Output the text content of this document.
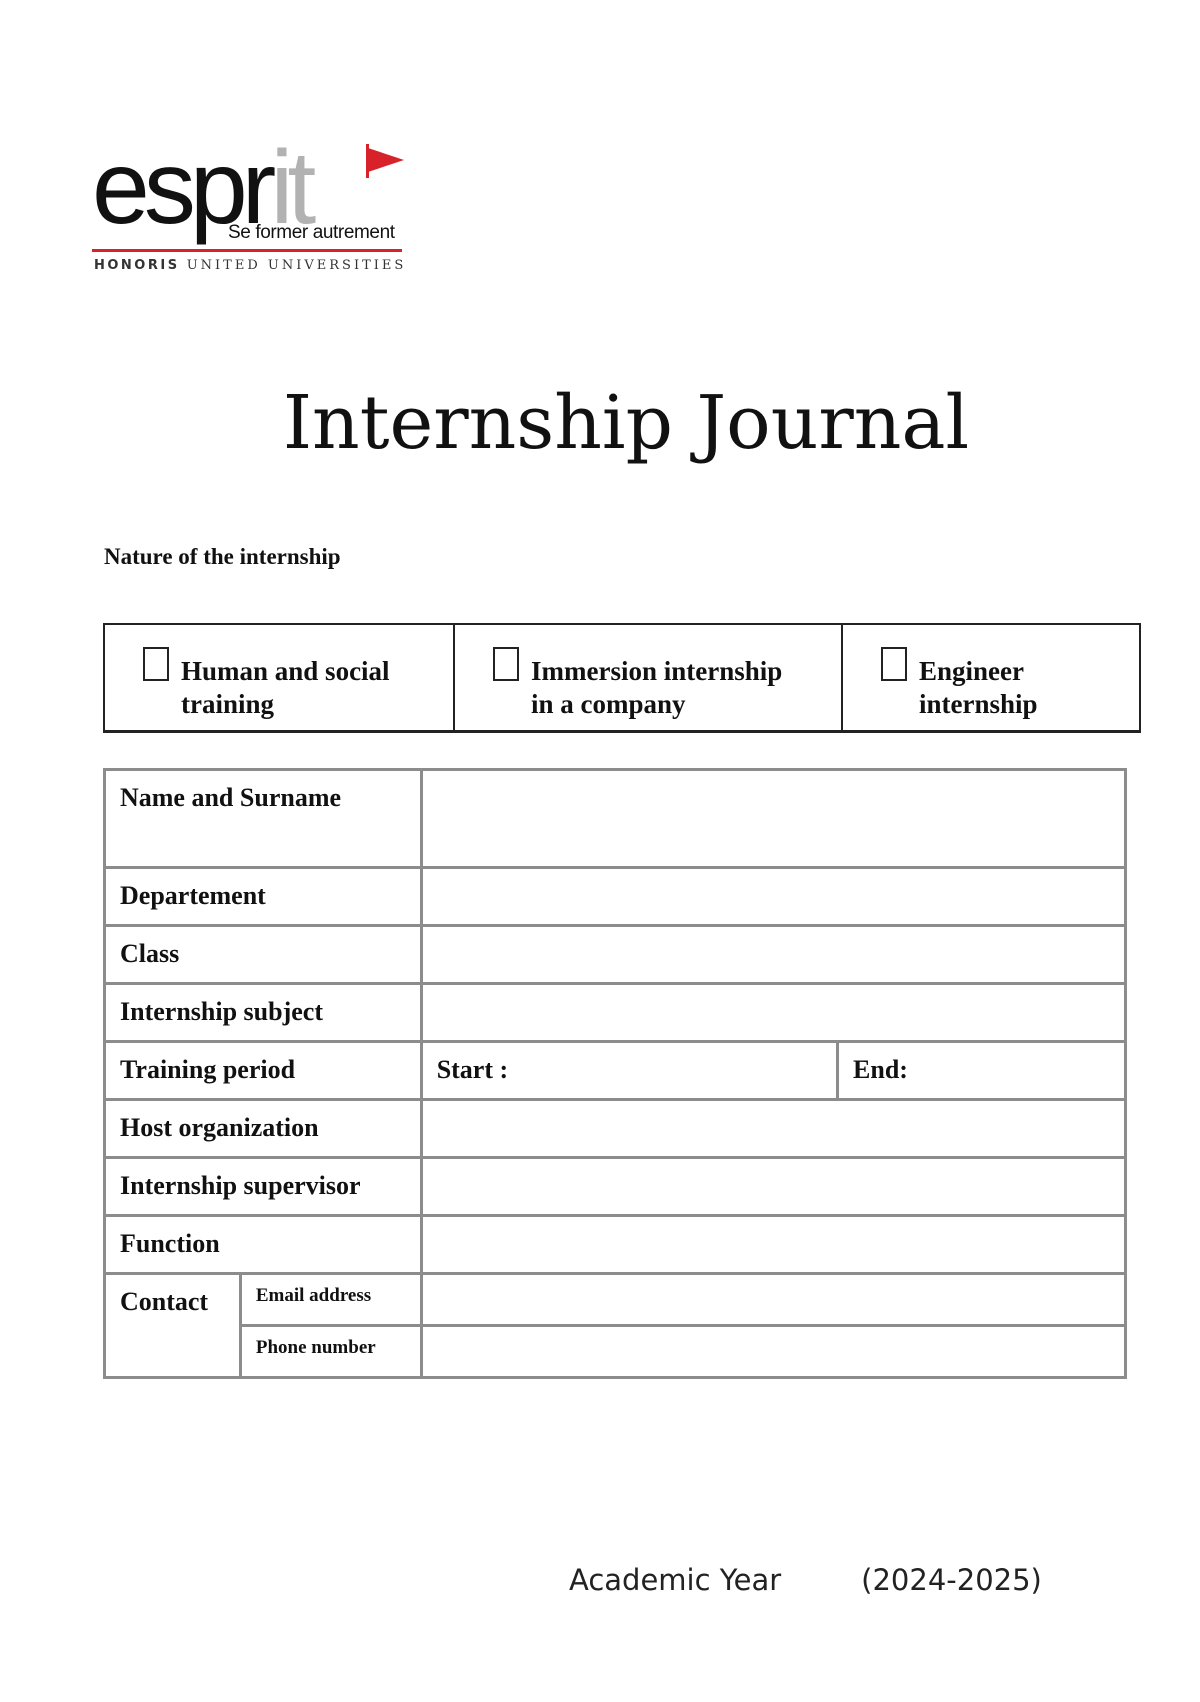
esprit
Se former autrement
HONORIS UNITED UNIVERSITIES
Internship Journal
Nature of the internship
Human and social
training
Immersion internship
in a company
Engineer
internship
Name and Surname			
Departement			
Class			
Internship subject			
Training period		Start :	End:
Host organization			
Internship supervisor			
Function			
Contact	Email address		
	Phone number		
Academic Year	(2024-2025)
